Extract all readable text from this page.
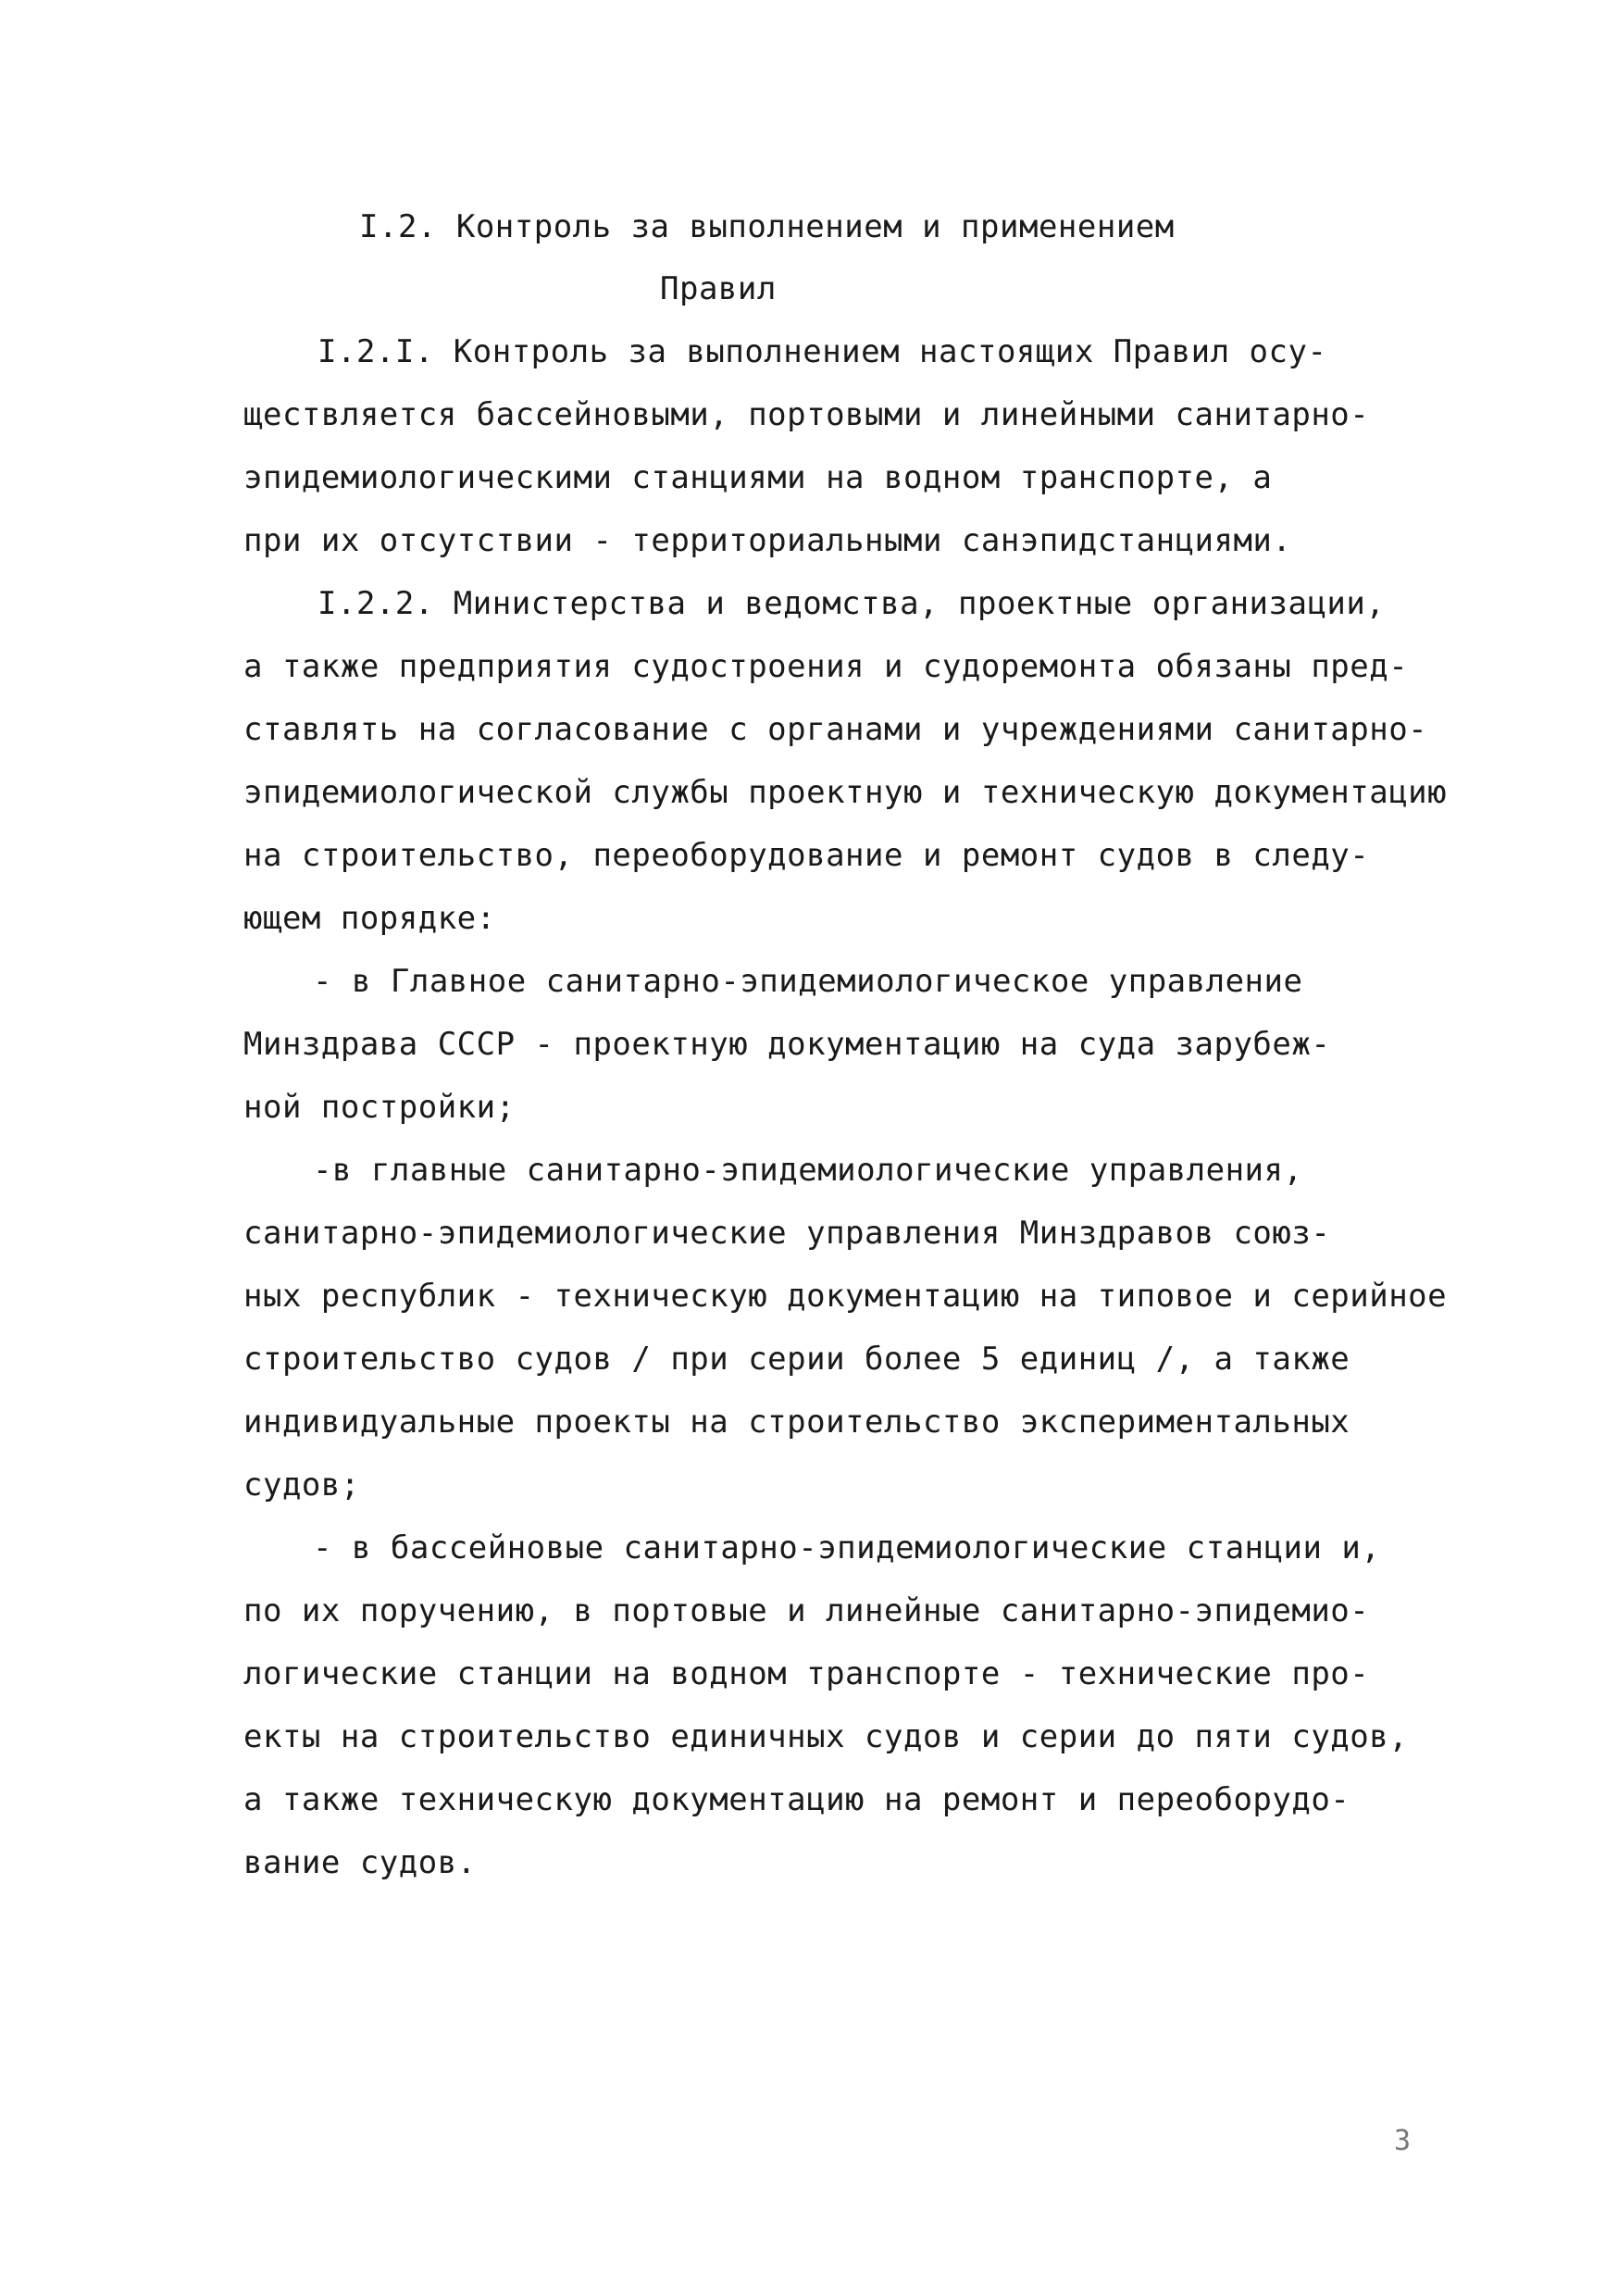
I.2. Контроль за выполнением и применением
Правил
I.2.I. Контроль за выполнением настоящих Правил осу-
ществляется бассейновыми, портовыми и линейными санитарно-
эпидемиологическими станциями на водном транспорте, а
при их отсутствии - территориальными санэпидстанциями.
I.2.2. Министерства и ведомства, проектные организации,
а также предприятия судостроения и судоремонта обязаны пред-
ставлять на согласование с органами и учреждениями санитарно-
эпидемиологической службы проектную и техническую документацию
на строительство, переоборудование и ремонт судов в следу-
ющем порядке:
- в Главное санитарно-эпидемиологическое управление
Минздрава СССР - проектную документацию на суда зарубеж-
ной постройки;
-в главные санитарно-эпидемиологические управления,
санитарно-эпидемиологические управления Минздравов союз-
ных республик - техническую документацию на типовое и серийное
строительство судов / при серии более 5 единиц /, а также
индивидуальные проекты на строительство экспериментальных
судов;
- в бассейновые санитарно-эпидемиологические станции и,
по их поручению, в портовые и линейные санитарно-эпидемио-
логические станции на водном транспорте - технические про-
екты на строительство единичных судов и серии до пяти судов,
а также техническую документацию на ремонт и переоборудо-
вание судов.
3
